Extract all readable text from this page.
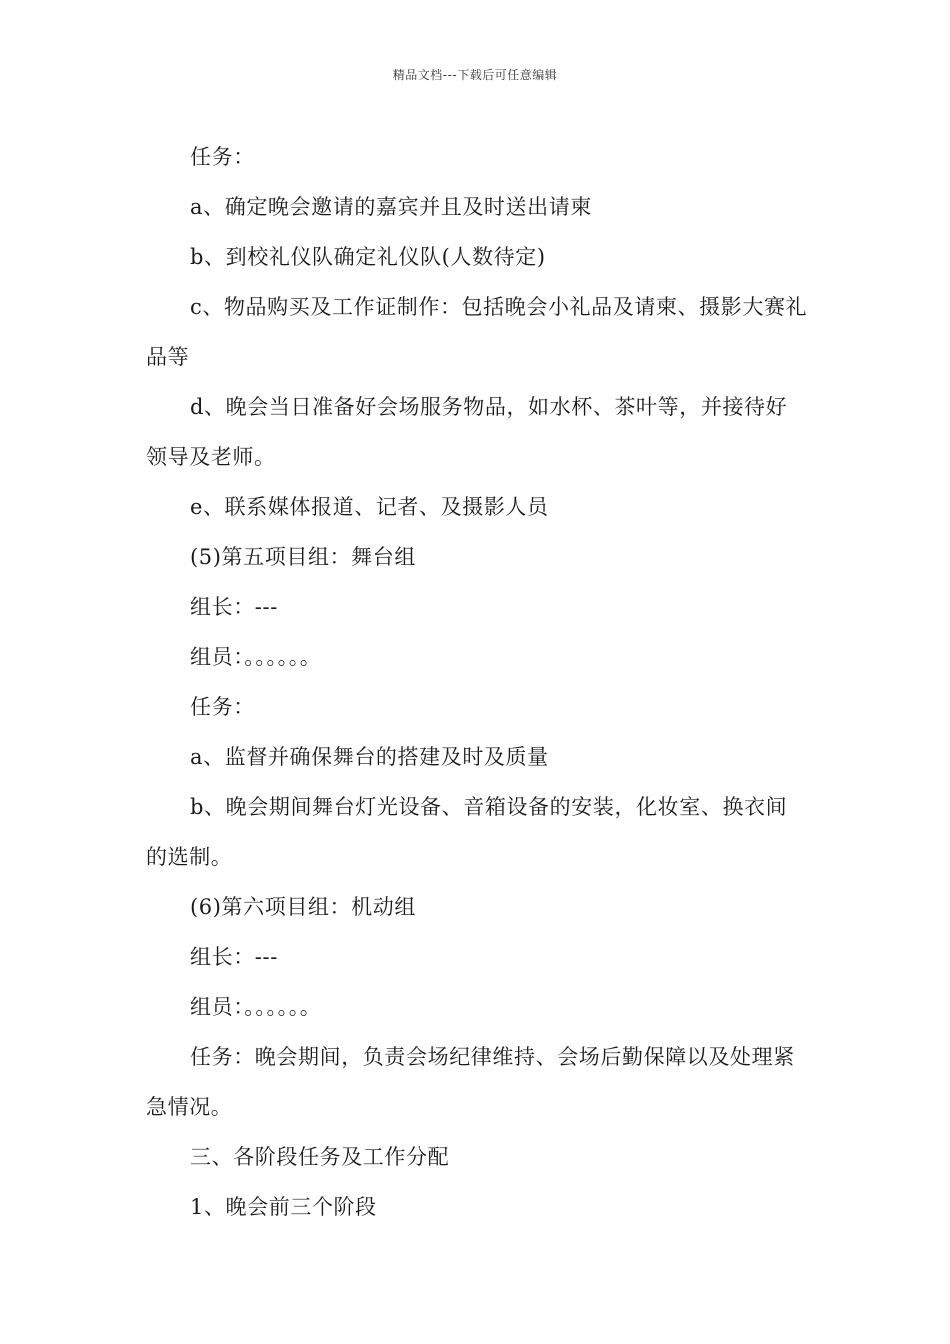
精品文档---下载后可任意编辑

任务：

a、确定晚会邀请的嘉宾并且及时送出请柬

b、到校礼仪队确定礼仪队(人数待定)

c、物品购买及工作证制作：包括晚会小礼品及请柬、摄影大赛礼品等

d、晚会当日准备好会场服务物品，如水杯、茶叶等，并接待好领导及老师。

e、联系媒体报道、记者、及摄影人员

(5)第五项目组：舞台组

组长：---

组员：。。。。。。

任务：

a、监督并确保舞台的搭建及时及质量

b、晚会期间舞台灯光设备、音箱设备的安装，化妆室、换衣间的选制。

(6)第六项目组：机动组

组长：---

组员：。。。。。。

任务：晚会期间，负责会场纪律维持、会场后勤保障以及处理紧急情况。

三、各阶段任务及工作分配

1、晚会前三个阶段
